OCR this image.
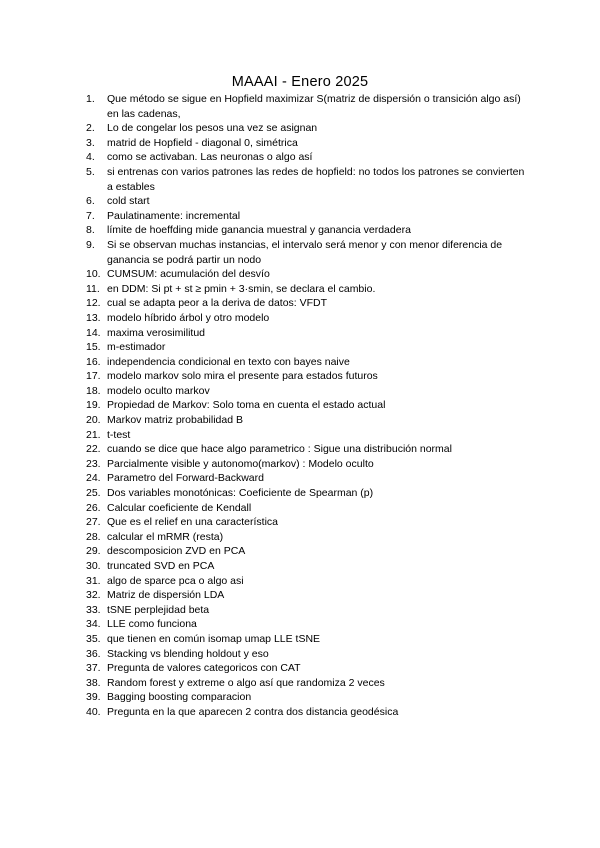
MAAAI - Enero 2025
1.	Que método se sigue en Hopfield maximizar S(matriz de dispersión o transición algo así) en las cadenas,
2.	Lo de congelar los pesos una vez se asignan
3.	matrid de Hopfield - diagonal 0, simétrica
4.	como se activaban. Las neuronas o algo así
5.	si entrenas con varios patrones las redes de hopfield: no todos los patrones se convierten a estables
6.	cold start
7.	Paulatinamente: incremental
8.	límite de hoeffding mide ganancia muestral y ganancia verdadera
9.	Si se observan muchas instancias, el intervalo será menor y con menor diferencia de ganancia se podrá partir un nodo
10. CUMSUM: acumulación del desvío
11. en DDM: Si pt + st ≥ pmin + 3·smin, se declara el cambio.
12. cual se adapta peor a la deriva de datos: VFDT
13. modelo híbrido árbol y otro modelo
14. maxima verosimilitud
15. m-estimador
16. independencia condicional en texto con bayes naive
17. modelo markov solo mira el presente para estados futuros
18. modelo oculto markov
19. Propiedad de Markov: Solo toma en cuenta el estado actual
20. Markov matriz probabilidad B
21. t-test
22. cuando se dice que hace algo parametrico : Sigue una distribución normal
23. Parcialmente visible y autonomo(markov) : Modelo oculto
24. Parametro del Forward-Backward
25. Dos variables monotónicas: Coeficiente de Spearman (p)
26. Calcular coeficiente de Kendall
27. Que es el relief en una característica
28. calcular el mRMR (resta)
29. descomposicion ZVD en PCA
30. truncated SVD en PCA
31. algo de sparce pca o algo asi
32. Matriz de dispersión LDA
33. tSNE perplejidad beta
34. LLE como funciona
35. que tienen en común isomap umap LLE tSNE
36. Stacking vs blending holdout y eso
37. Pregunta de valores categoricos con CAT
38. Random forest y extreme o algo así que randomiza 2 veces
39. Bagging boosting comparacion
40. Pregunta en la que aparecen 2 contra dos distancia geodésica
